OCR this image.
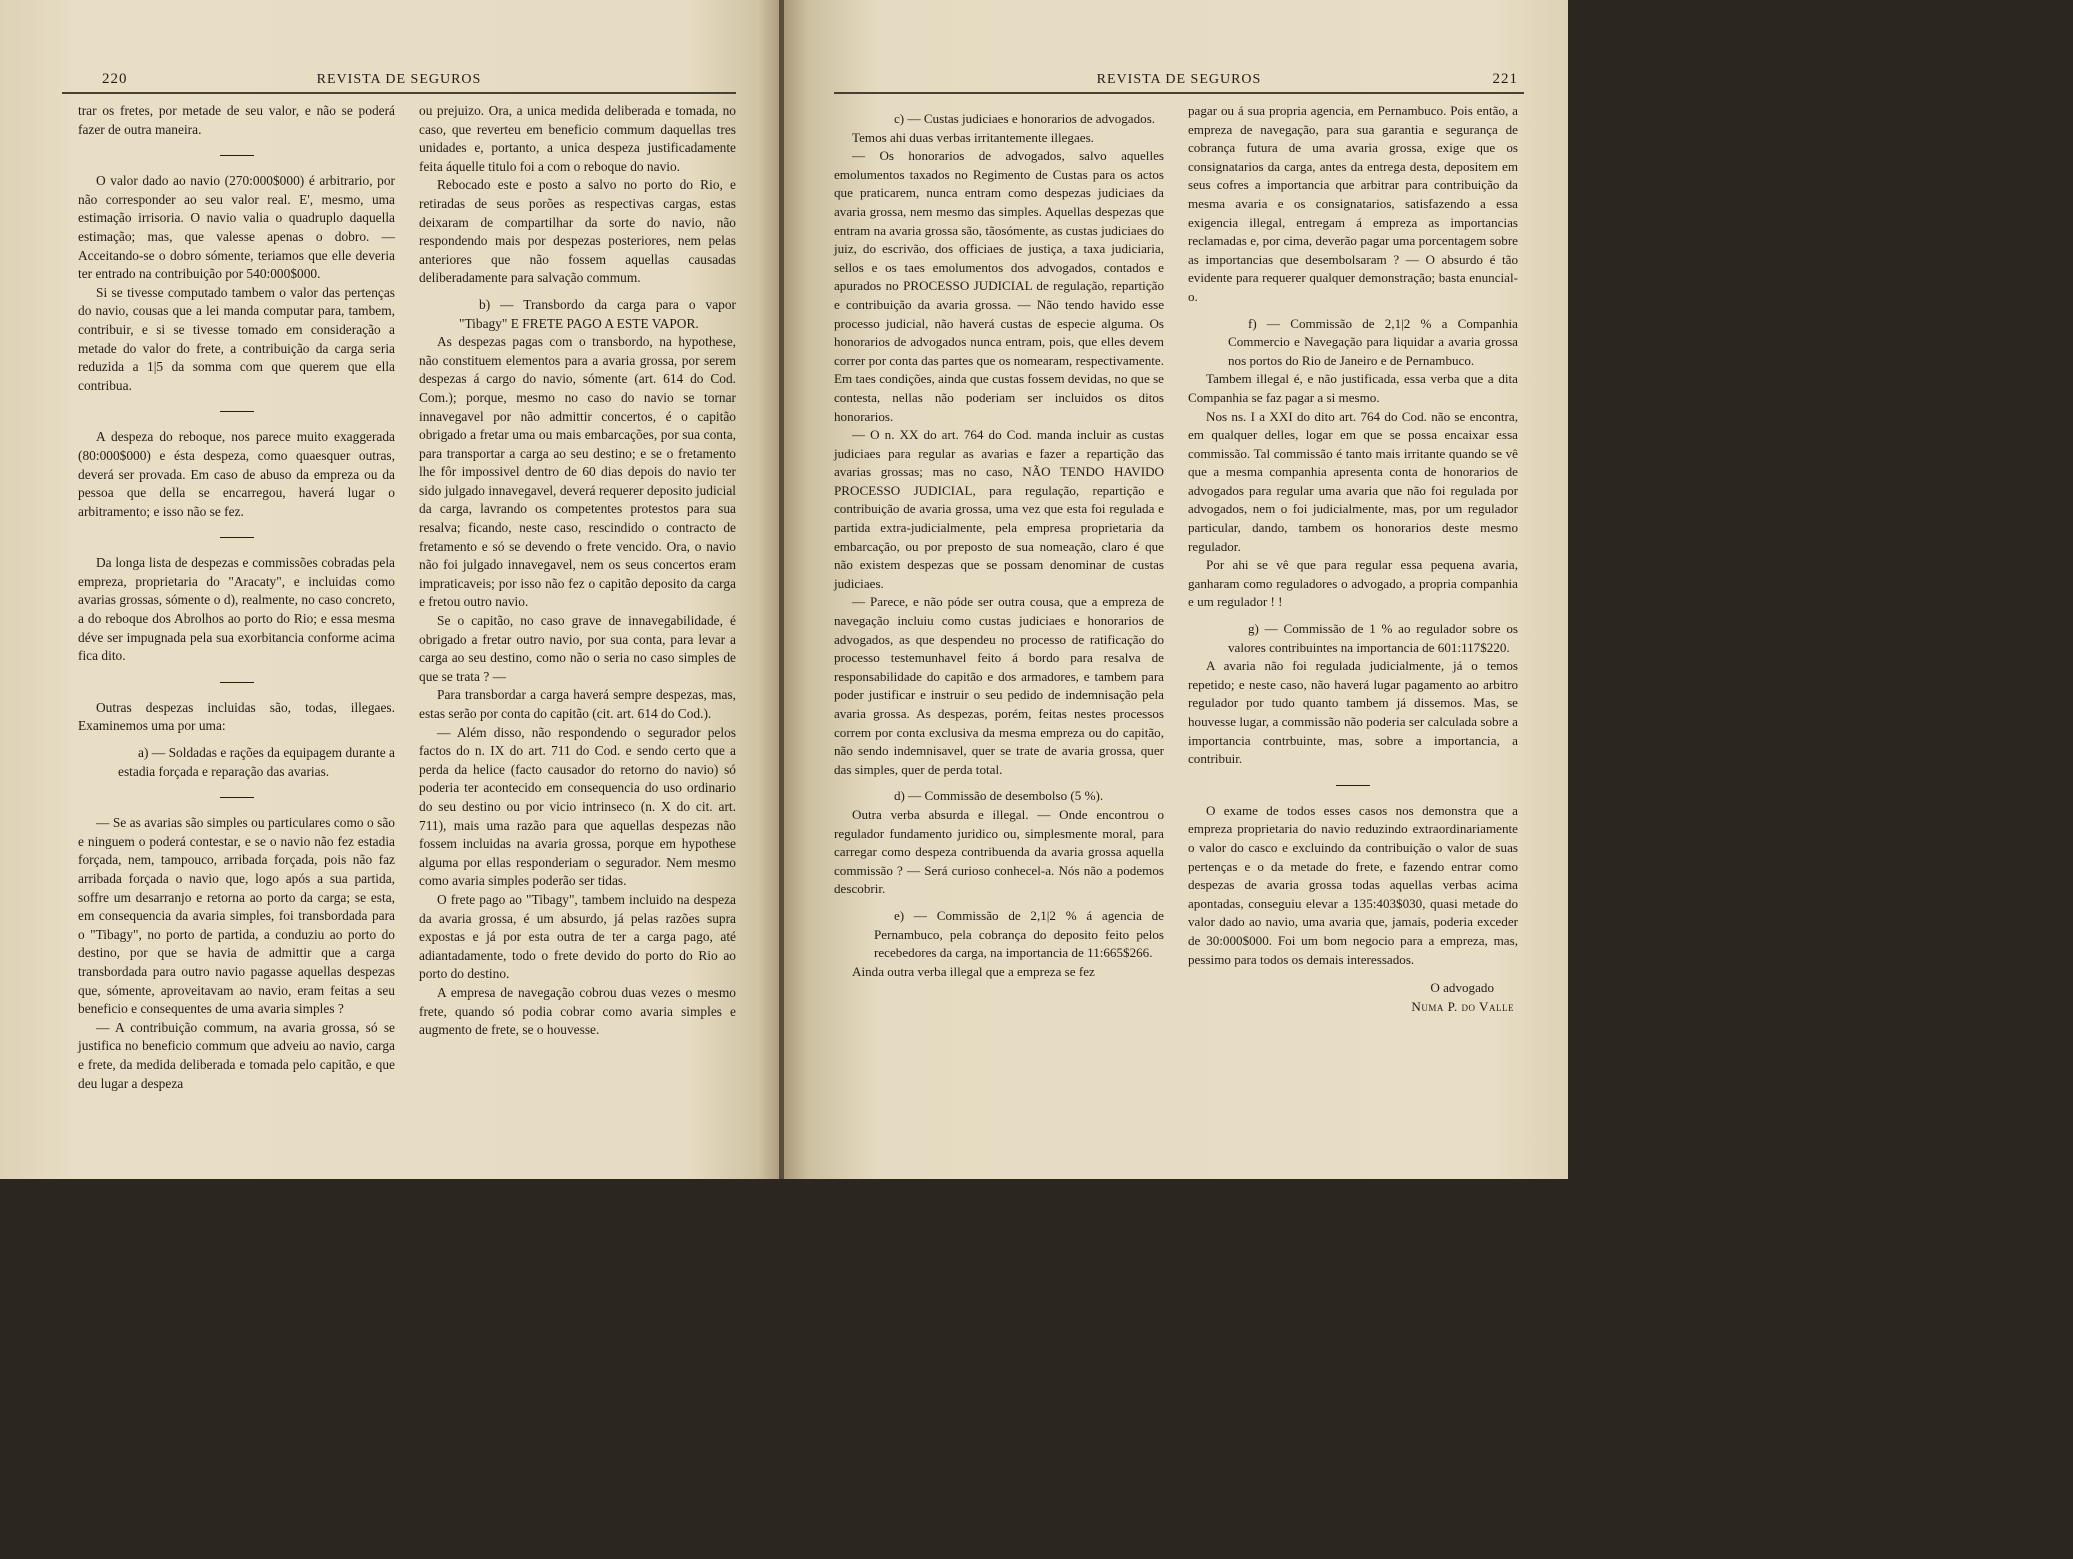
220	REVISTA DE SEGUROS

trar os fretes, por metade de seu valor, e não se poderá fazer de outra maneira.

O valor dado ao navio (270:000$000) é arbitrario, por não corresponder ao seu valor real. E', mesmo, uma estimação irrisoria. O navio valia o quadruplo daquella estimação; mas, que valesse apenas o dobro. — Acceitando-se o dobro sómente, teriamos que elle deveria ter entrado na contribuição por 540:000$000.

Si se tivesse computado tambem o valor das pertenças do navio, cousas que a lei manda computar para, tambem, contribuir, e si se tivesse tomado em consideração a metade do valor do frete, a contribuição da carga seria reduzida a 1|5 da somma com que querem que ella contribua.

A despeza do reboque, nos parece muito exaggerada (80:000$000) e ésta despeza, como quaesquer outras, deverá ser provada. Em caso de abuso da empreza ou da pessoa que della se encarregou, haverá lugar o arbitramento; e isso não se fez.

Da longa lista de despezas e commissões cobradas pela empreza, proprietaria do "Aracaty", e incluidas como avarias grossas, sómente o d), realmente, no caso concreto, a do reboque dos Abrolhos ao porto do Rio; e essa mesma déve ser impugnada pela sua exorbitancia conforme acima fica dito.

Outras despezas incluidas são, todas, illegaes. Examinemos uma por uma:

a) — Soldadas e rações da equipagem durante a estadia forçada e reparação das avarias.

— Se as avarias são simples ou particulares como o são e ninguem o poderá contestar, e se o navio não fez estadia forçada, nem, tampouco, arribada forçada, pois não faz arribada forçada o navio que, logo após a sua partida, soffre um desarranjo e retorna ao porto da carga; se esta, em consequencia da avaria simples, foi transbordada para o "Tibagy", no porto de partida, a conduziu ao porto do destino, por que se havia de admittir que a carga transbordada para outro navio pagasse aquellas despezas que, sómente, aproveitavam ao navio, eram feitas a seu beneficio e consequentes de uma avaria simples ?

— A contribuição commum, na avaria grossa, só se justifica no beneficio commum que adveiu ao navio, carga e frete, da medida deliberada e tomada pelo capitão, e que deu lugar a despeza

ou prejuizo. Ora, a unica medida deliberada e tomada, no caso, que reverteu em beneficio commum daquellas tres unidades e, portanto, a unica despeza justificadamente feita áquelle titulo foi a com o reboque do navio.

Rebocado este e posto a salvo no porto do Rio, e retiradas de seus porões as respectivas cargas, estas deixaram de compartilhar da sorte do navio, não respondendo mais por despezas posteriores, nem pelas anteriores que não fossem aquellas causadas deliberadamente para salvação commum.

b) — Transbordo da carga para o vapor "Tibagy" E FRETE PAGO A ESTE VAPOR.

As despezas pagas com o transbordo, na hypothese, não constituem elementos para a avaria grossa, por serem despezas á cargo do navio, sómente (art. 614 do Cod. Com.); porque, mesmo no caso do navio se tornar innavegavel por não admittir concertos, é o capitão obrigado a fretar uma ou mais embarcações, por sua conta, para transportar a carga ao seu destino; e se o fretamento lhe fôr impossivel dentro de 60 dias depois do navio ter sido julgado innavegavel, deverá requerer deposito judicial da carga, lavrando os competentes protestos para sua resalva; ficando, neste caso, rescindido o contracto de fretamento e só se devendo o frete vencido. Ora, o navio não foi julgado innavegavel, nem os seus concertos eram impraticaveis; por isso não fez o capitão deposito da carga e fretou outro navio.

Se o capitão, no caso grave de innavegabilidade, é obrigado a fretar outro navio, por sua conta, para levar a carga ao seu destino, como não o seria no caso simples de que se trata ? —

Para transbordar a carga haverá sempre despezas, mas, estas serão por conta do capitão (cit. art. 614 do Cod.).

— Além disso, não respondendo o segurador pelos factos do n. IX do art. 711 do Cod. e sendo certo que a perda da helice (facto causador do retorno do navio) só poderia ter acontecido em consequencia do uso ordinario do seu destino ou por vicio intrinseco (n. X do cit. art. 711), mais uma razão para que aquellas despezas não fossem incluidas na avaria grossa, porque em hypothese alguma por ellas responderiam o segurador. Nem mesmo como avaria simples poderão ser tidas.

O frete pago ao "Tibagy", tambem incluido na despeza da avaria grossa, é um absurdo, já pelas razões supra expostas e já por esta outra de ter a carga pago, até adiantadamente, todo o frete devido do porto do Rio ao porto do destino.

A empresa de navegação cobrou duas vezes o mesmo frete, quando só podia cobrar como avaria simples e augmento de frete, se o houvesse.

REVISTA DE SEGUROS	221

c) — Custas judiciaes e honorarios de advogados.

Temos ahi duas verbas irritantemente illegaes.

— Os honorarios de advogados, salvo aquelles emolumentos taxados no Regimento de Custas para os actos que praticarem, nunca entram como despezas judiciaes da avaria grossa, nem mesmo das simples. Aquellas despezas que entram na avaria grossa são, tãosómente, as custas judiciaes do juiz, do escrivão, dos officiaes de justiça, a taxa judiciaria, sellos e os taes emolumentos dos advogados, contados e apurados no PROCESSO JUDICIAL de regulação, repartição e contribuição da avaria grossa. — Não tendo havido esse processo judicial, não haverá custas de especie alguma. Os honorarios de advogados nunca entram, pois, que elles devem correr por conta das partes que os nomearam, respectivamente. Em taes condições, ainda que custas fossem devidas, no que se contesta, nellas não poderiam ser incluidos os ditos honorarios.

— O n. XX do art. 764 do Cod. manda incluir as custas judiciaes para regular as avarias e fazer a repartição das avarias grossas; mas no caso, NÃO TENDO HAVIDO PROCESSO JUDICIAL, para regulação, repartição e contribuição de avaria grossa, uma vez que esta foi regulada e partida extra-judicialmente, pela empresa proprietaria da embarcação, ou por preposto de sua nomeação, claro é que não existem despezas que se possam denominar de custas judiciaes.

— Parece, e não póde ser outra cousa, que a empreza de navegação incluiu como custas judiciaes e honorarios de advogados, as que despendeu no processo de ratificação do processo testemunhavel feito á bordo para resalva de responsabilidade do capitão e dos armadores, e tambem para poder justificar e instruir o seu pedido de indemnisação pela avaria grossa. As despezas, porém, feitas nestes processos correm por conta exclusiva da mesma empreza ou do capitão, não sendo indemnisavel, quer se trate de avaria grossa, quer das simples, quer de perda total.

d) — Commissão de desembolso (5 %).

Outra verba absurda e illegal. — Onde encontrou o regulador fundamento juridico ou, simplesmente moral, para carregar como despeza contribuenda da avaria grossa aquella commissão ? — Será curioso conhecel-a. Nós não a podemos descobrir.

e) — Commissão de 2,1|2 % á agencia de Pernambuco, pela cobrança do deposito feito pelos recebedores da carga, na importancia de 11:665$266.

Ainda outra verba illegal que a empreza se fez

pagar ou á sua propria agencia, em Pernambuco. Pois então, a empreza de navegação, para sua garantia e segurança de cobrança futura de uma avaria grossa, exige que os consignatarios da carga, antes da entrega desta, depositem em seus cofres a importancia que arbitrar para contribuição da mesma avaria e os consignatarios, satisfazendo a essa exigencia illegal, entregam á empreza as importancias reclamadas e, por cima, deverão pagar uma porcentagem sobre as importancias que desembolsaram ? — O absurdo é tão evidente para requerer qualquer demonstração; basta enuncial-o.

f) — Commissão de 2,1|2 % a Companhia Commercio e Navegação para liquidar a avaria grossa nos portos do Rio de Janeiro e de Pernambuco.

Tambem illegal é, e não justificada, essa verba que a dita Companhia se faz pagar a si mesmo.

Nos ns. I a XXI do dito art. 764 do Cod. não se encontra, em qualquer delles, logar em que se possa encaixar essa commissão. Tal commissão é tanto mais irritante quando se vê que a mesma companhia apresenta conta de honorarios de advogados para regular uma avaria que não foi regulada por advogados, nem o foi judicialmente, mas, por um regulador particular, dando, tambem os honorarios deste mesmo regulador.

Por ahi se vê que para regular essa pequena avaria, ganharam como reguladores o advogado, a propria companhia e um regulador ! !

g) — Commissão de 1 % ao regulador sobre os valores contribuintes na importancia de 601:117$220.

A avaria não foi regulada judicialmente, já o temos repetido; e neste caso, não haverá lugar pagamento ao arbitro regulador por tudo quanto tambem já dissemos. Mas, se houvesse lugar, a commissão não poderia ser calculada sobre a importancia contrbuinte, mas, sobre a importancia, a contribuir.

O exame de todos esses casos nos demonstra que a empreza proprietaria do navio reduzindo extraordinariamente o valor do casco e excluindo da contribuição o valor de suas pertenças e o da metade do frete, e fazendo entrar como despezas de avaria grossa todas aquellas verbas acima apontadas, conseguiu elevar a 135:403$030, quasi metade do valor dado ao navio, uma avaria que, jamais, poderia exceder de 30:000$000. Foi um bom negocio para a empreza, mas, pessimo para todos os demais interessados.

O advogado
Numa P. do Valle
